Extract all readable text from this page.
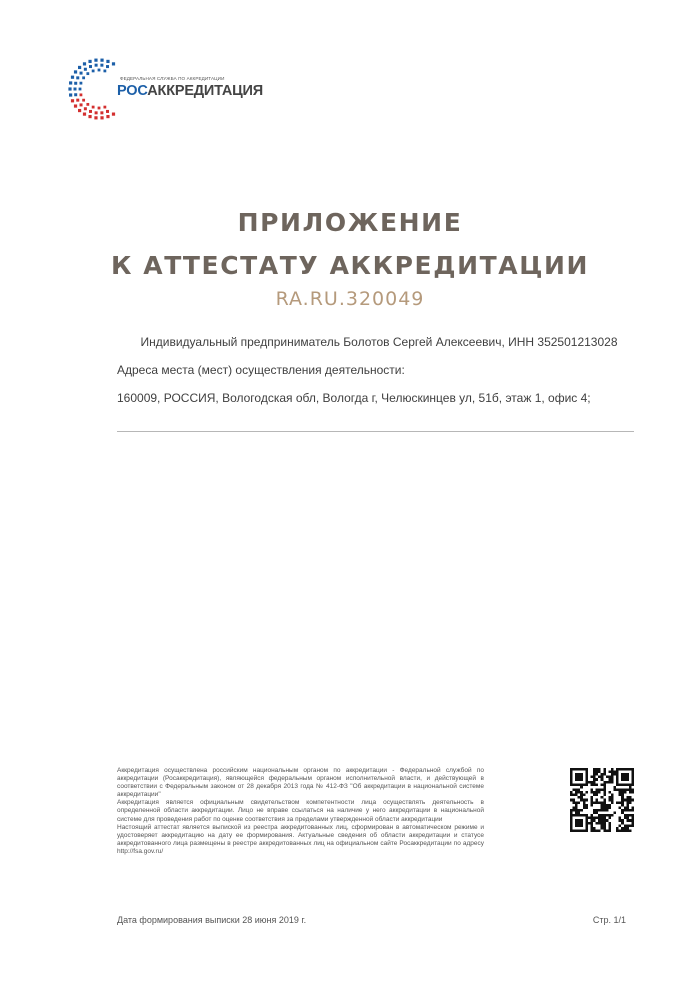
ФЕДЕРАЛЬНАЯ СЛУЖБА ПО АККРЕДИТАЦИИ
РОСАККРЕДИТАЦИЯ
ПРИЛОЖЕНИЕ
К АТТЕСТАТУ АККРЕДИТАЦИИ
RA.RU.320049
Индивидуальный предприниматель Болотов Сергей Алексеевич, ИНН 352501213028
Адреса места (мест) осуществления деятельности:
160009, РОССИЯ, Вологодская обл, Вологда г, Челюскинцев ул, 51б, этаж 1, офис 4;

Аккредитация осуществлена российским национальным органом по аккредитации - Федеральной службой по аккредитации (Росаккредитация), являющейся федеральным органом исполнительной власти, и действующей в соответствии с Федеральным законом от 28 декабря 2013 года № 412-ФЗ "Об аккредитации в национальной системе аккредитации"

Аккредитация является официальным свидетельством компетентности лица осуществлять деятельность в определенной области аккредитации. Лицо не вправе ссылаться на наличие у него аккредитации в национальной системе для проведения работ по оценке соответствия за пределами утвержденной области аккредитации

Настоящий аттестат является выпиской из реестра аккредитованных лиц, сформирован в автоматическом режиме и удостоверяет аккредитацию на дату ее формирования. Актуальные сведения об области аккредитации и статусе аккредитованного лица размещены в реестре аккредитованных лиц на официальном сайте Росаккредитации по адресу http://fsa.gov.ru/

Дата формирования выписки 28 июня 2019 г.	Стр. 1/1
